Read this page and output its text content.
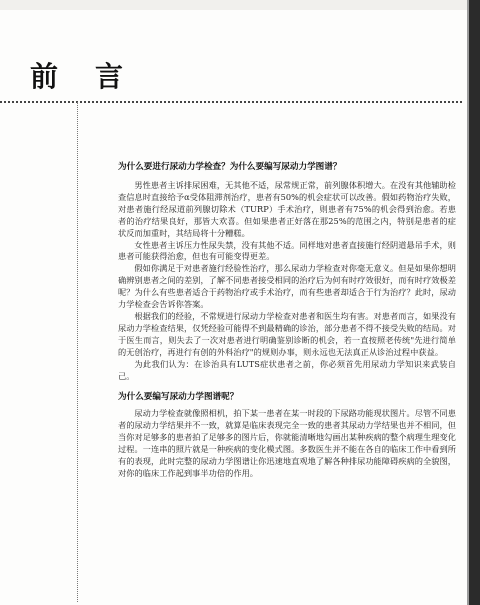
前 言
为什么要进行尿动力学检查？为什么要编写尿动力学图谱？

男性患者主诉排尿困难，无其他不适，尿常规正常，前列腺体积增大。在没有其他辅助检查信息时直接给予α受体阻滞剂治疗，患者有50%的机会症状可以改善。假如药物治疗失败，对患者施行经尿道前列腺切除术（TURP）手术治疗，则患者有75%的机会得到治愈。若患者的治疗结果良好，那皆大欢喜。但如果患者正好落在那25%的范围之内，特别是患者的症状反而加重时，其结局将十分糟糕。

女性患者主诉压力性尿失禁，没有其他不适。同样地对患者直接施行经阴道悬吊手术，则患者可能获得治愈，但也有可能变得更差。

假如你满足于对患者施行经验性治疗，那么尿动力学检查对你毫无意义。但是如果你想明确辨别患者之间的差别，了解不同患者接受相同的治疗后为何有时疗效很好，而有时疗效极差呢？为什么有些患者适合于药物治疗或手术治疗，而有些患者却适合于行为治疗？此时，尿动力学检查会告诉你答案。

根据我们的经验，不常规进行尿动力学检查对患者和医生均有害。对患者而言，如果没有尿动力学检查结果，仅凭经验可能得不到最精确的诊治，部分患者不得不接受失败的结局。对于医生而言，则失去了一次对患者进行明确鉴别诊断的机会，若一直按照老传统"先进行简单的无创治疗，再进行有创的外科治疗"的规则办事，则永远也无法真正从诊治过程中获益。

为此我们认为：在诊治具有LUTS症状患者之前，你必须首先用尿动力学知识来武装自己。

为什么要编写尿动力学图谱呢？

尿动力学检查就像照相机，拍下某一患者在某一时段的下尿路功能现状图片。尽管不同患者的尿动力学结果并不一致，就算是临床表现完全一致的患者其尿动力学结果也并不相同，但当你对足够多的患者拍了足够多的图片后，你就能清晰地勾画出某种疾病的整个病理生理变化过程。一连串的照片就是一种疾病的变化模式图。多数医生并不能在各自的临床工作中看到所有的表现，此时完整的尿动力学图谱让你迅速地直观地了解各种排尿功能障碍疾病的全貌图，对你的临床工作起到事半功倍的作用。
